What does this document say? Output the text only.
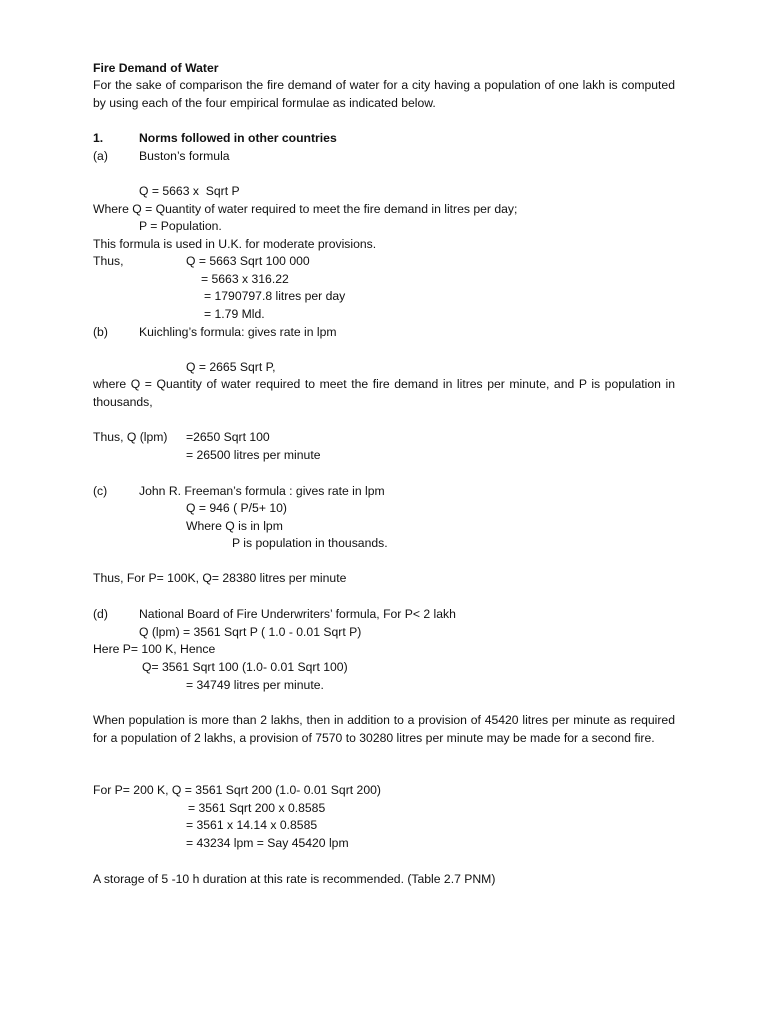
Fire Demand of Water
For the sake of comparison the fire demand of water for a city having a population of one lakh is computed by using each of the four empirical formulae as indicated below.
1.	Norms followed in other countries
(a)	Buston’s formula
Q = 5663 x  Sqrt P
Where Q = Quantity of water required to meet the fire demand in litres per day;
P = Population.
This formula is used in U.K. for moderate provisions.
Thus,	Q = 5663 Sqrt 100 000
= 5663 x 316.22
= 1790797.8 litres per day
= 1.79 Mld.
(b)	Kuichling’s formula: gives rate in lpm
Q = 2665 Sqrt P,
where Q = Quantity of water required to meet the fire demand in litres per minute, and P is population in thousands,
Thus, Q (lpm) =2650 Sqrt 100
= 26500 litres per minute
(c)	John R. Freeman’s formula : gives rate in lpm
Q = 946 ( P/5+ 10)
Where Q is in lpm
P is population in thousands.
Thus, For P= 100K, Q= 28380 litres per minute
(d)	National Board of Fire Underwriters’ formula, For P< 2 lakh
Q (lpm) = 3561 Sqrt P ( 1.0 - 0.01 Sqrt P)
Here P= 100 K, Hence
Q= 3561 Sqrt 100 (1.0- 0.01 Sqrt 100)
= 34749 litres per minute.
When population is more than 2 lakhs, then in addition to a provision of 45420 litres per minute as required for a population of 2 lakhs, a provision of 7570 to 30280 litres per minute may be made for a second fire.
For P= 200 K, Q = 3561 Sqrt 200 (1.0- 0.01 Sqrt 200)
= 3561 Sqrt 200 x 0.8585
= 3561 x 14.14 x 0.8585
= 43234 lpm = Say 45420 lpm
A storage of 5 -10 h duration at this rate is recommended. (Table 2.7 PNM)
